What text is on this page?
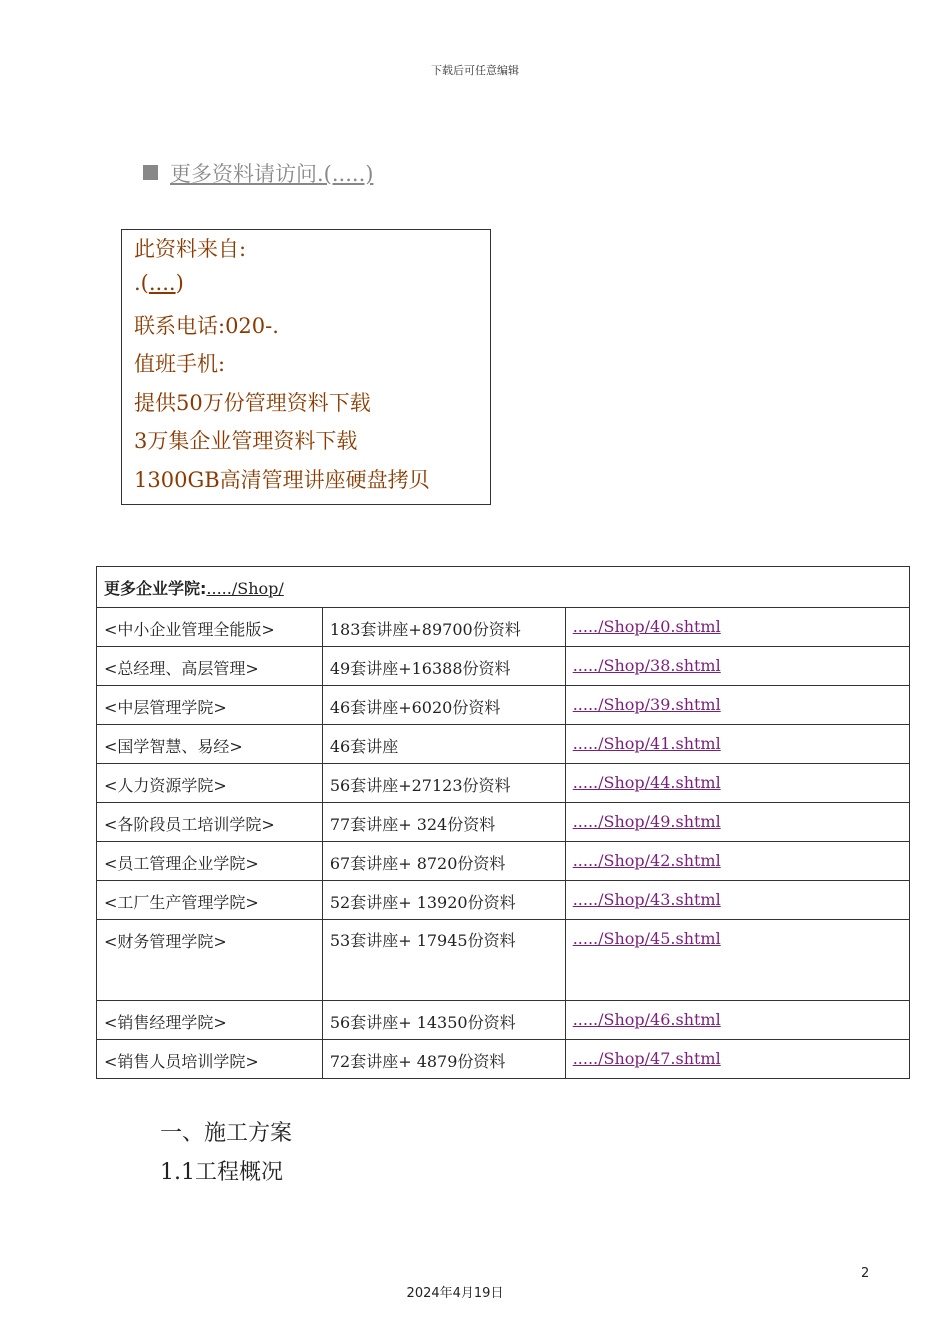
下载后可任意编辑
更多资料请访问.(.....)
此资料来自:
.(....)
联系电话:020-.
值班手机:
提供50万份管理资料下载
3万集企业管理资料下载
1300GB高清管理讲座硬盘拷贝
更多企业学院:...../Shop/		
<中小企业管理全能版>	183套讲座+89700份资料	...../Shop/40.shtml
<总经理、高层管理>	49套讲座+16388份资料	...../Shop/38.shtml
<中层管理学院>	46套讲座+6020份资料	...../Shop/39.shtml
<国学智慧、易经>	46套讲座	...../Shop/41.shtml
<人力资源学院>	56套讲座+27123份资料	...../Shop/44.shtml
<各阶段员工培训学院>	77套讲座+ 324份资料	...../Shop/49.shtml
<员工管理企业学院>	67套讲座+ 8720份资料	...../Shop/42.shtml
<工厂生产管理学院>	52套讲座+ 13920份资料	...../Shop/43.shtml
<财务管理学院>	53套讲座+ 17945份资料	...../Shop/45.shtml
<销售经理学院>	56套讲座+ 14350份资料	...../Shop/46.shtml
<销售人员培训学院>	72套讲座+ 4879份资料	...../Shop/47.shtml
一、施工方案
1.1工程概况
2
2024年4月19日
